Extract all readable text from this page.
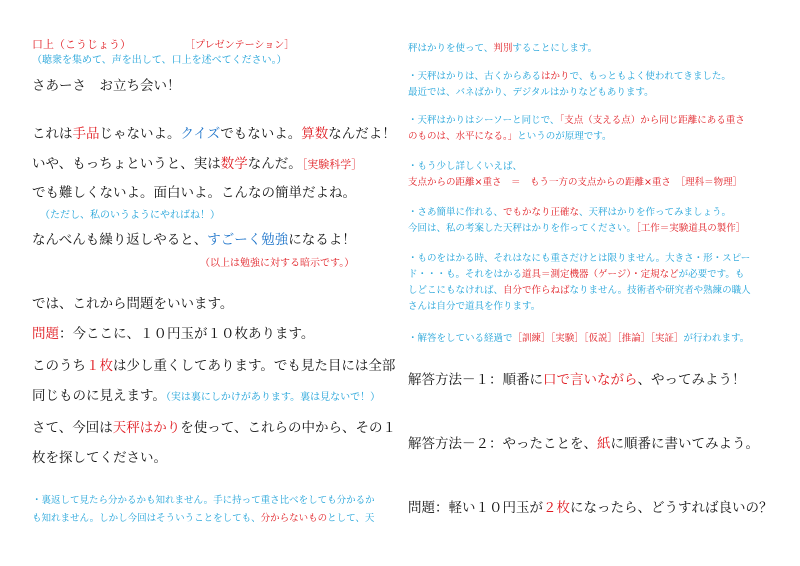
口上（こうじょう）	［プレゼンテーション］
（聴衆を集めて、声を出して、口上を述べてください。）
さあーさ　お立ち会い！
これは手品じゃないよ。クイズでもないよ。算数なんだよ！
いや、もっちょというと、実は数学なんだ。［実験科学］
でも難しくないよ。面白いよ。こんなの簡単だよね。
（ただし、私のいうようにやればね！）
なんべんも繰り返しやると、すごーく勉強になるよ！
（以上は勉強に対する暗示です。）
では、これから問題をいいます。
問題：今ここに、１０円玉が１０枚あります。
このうち１枚は少し重くしてあります。でも見た目には全部
同じものに見えます。（実は裏にしかけがあります。裏は見ないで！）
さて、今回は天秤はかりを使って、これらの中から、その１
枚を探してください。
・裏返して見たら分かるかも知れません。手に持って重さ比べをしても分かるか
も知れません。しかし今回はそういうことをしても、分からないものとして、天
秤はかりを使って、判別することにします。
・天秤はかりは、古くからあるはかりで、もっともよく使われてきました。
最近では、バネばかり、デジタルはかりなどもあります。
・天秤はかりはシーソーと同じで、「支点（支える点）から同じ距離にある重さ
のものは、水平になる。」というのが原理です。
・もう少し詳しくいえば、
支点からの距離×重さ　＝　もう一方の支点からの距離×重さ　［理科＝物理］
・さあ簡単に作れる、でもかなり正確な、天秤はかりを作ってみましょう。
今回は、私の考案した天秤はかりを作ってください。［工作＝実験道具の製作］
・ものをはかる時、それはなにも重さだけとは限りません。大きさ・形・スピー
ド・・・も。それをはかる道具＝測定機器（ゲージ）・定規などが必要です。も
しどこにもなければ、自分で作らねばなりません。技術者や研究者や熟練の職人
さんは自分で道具を作ります。
・解答をしている経過で［訓練］［実験］［仮説］［推論］［実証］が行われます。
解答方法－１：順番に口で言いながら、やってみよう！
解答方法－２：やったことを、紙に順番に書いてみよう。
問題：軽い１０円玉が２枚になったら、どうすれば良いの？
